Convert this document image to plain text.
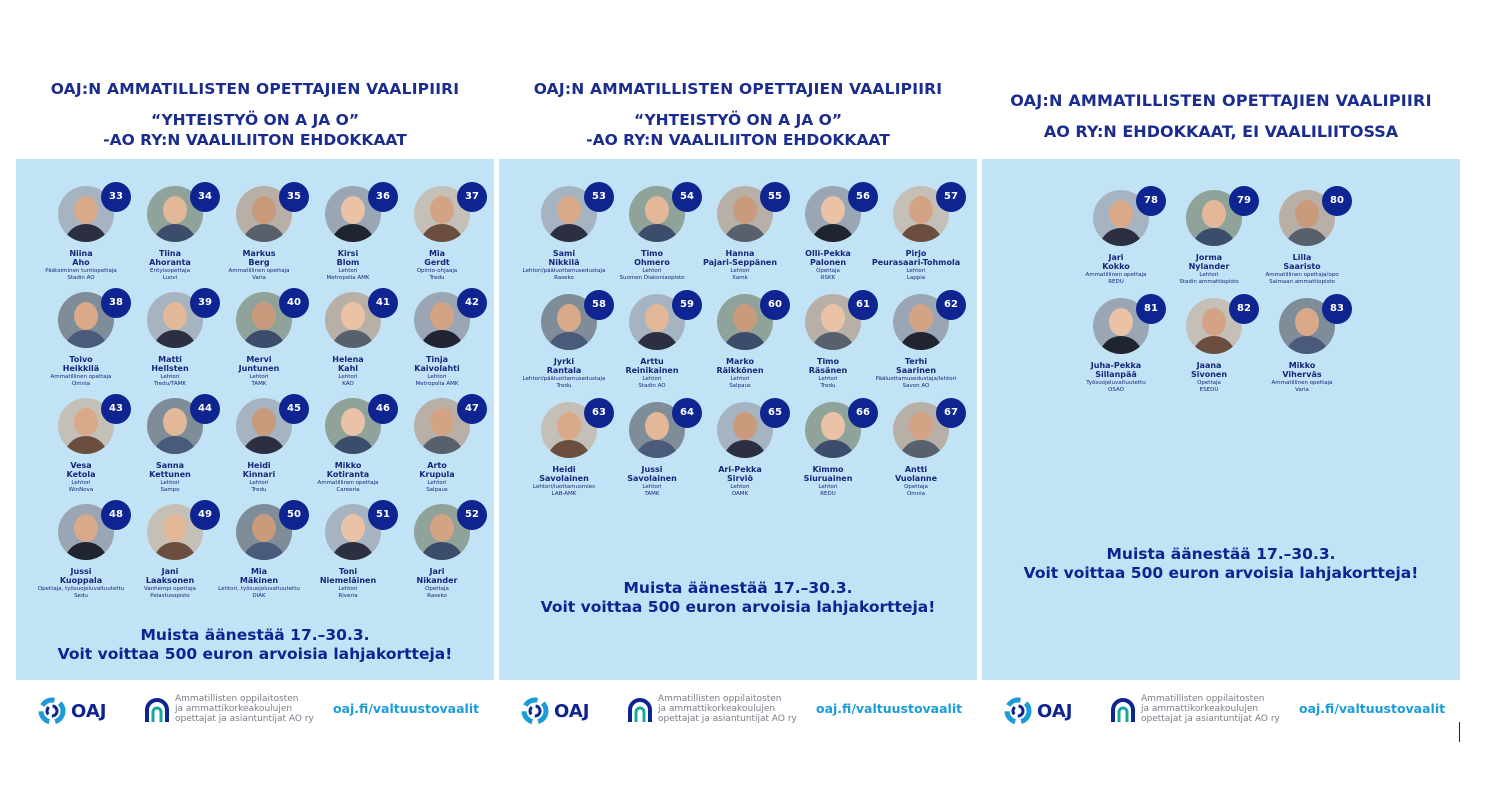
OAJ:N AMMATILLISTEN OPETTAJIEN VAALIPIIRI
“YHTEISTYÖ ON A JA O”
-AO RY:N VAALILIITON EHDOKKAAT
33
Niina
Aho
Päätoiminen tuntiopettaja
Stadin AO
34
Tiina
Ahoranta
Erityisopettaja
Luovi
35
Markus
Berg
Ammatillinen opettaja
Varia
36
Kirsi
Blom
Lehtori
Metropolia AMK
37
Mia
Gerdt
Opinto-ohjaaja
Tredu
38
Toivo
Heikkilä
Ammatillinen opettaja
Omnia
39
Matti
Hellsten
Lehtori
Tredu/TAMK
40
Mervi
Juntunen
Lehtori
TAMK
41
Helena
Kahl
Lehtori
KAO
42
Tinja
Kaivolahti
Lehtori
Metropolia AMK
43
Vesa
Ketola
Lehtori
WinNova
44
Sanna
Kettunen
Lehtori
Sampo
45
Heidi
Kinnari
Lehtori
Tredu
46
Mikko
Kotiranta
Ammatillinen opettaja
Careeria
47
Arto
Krupula
Lehtori
Salpaus
48
Jussi
Kuoppala
Opettaja, työsuojeluvaltuutettu
Sedu
49
Jani
Laaksonen
Vanhempi opettaja
Pelastusopisto
50
Mia
Mäkinen
Lehtori, työsuojeluvaltuutettu
DIAK
51
Toni
Niemeläinen
Lehtori
Riveria
52
Jari
Nikander
Opettaja
Raseko
Muista äänestää 17.–30.3.
Voit voittaa 500 euron arvoisia lahjakortteja!
OAJ
Ammatillisten oppilaitosten
ja ammattikorkeakoulujen
opettajat ja asiantuntijat AO ry
oaj.fi/valtuustovaalit
OAJ:N AMMATILLISTEN OPETTAJIEN VAALIPIIRI
“YHTEISTYÖ ON A JA O”
-AO RY:N VAALILIITON EHDOKKAAT
53
Sami
Nikkilä
Lehtori/pääluottamusedustaja
Raseko
54
Timo
Ohmero
Lehtori
Suomen Diakoniaopisto
55
Hanna
Pajari-Seppänen
Lehtori
Xamk
56
Olli-Pekka
Palonen
Opettaja
RSKK
57
Pirjo
Peurasaari-Tohmola
Lehtori
Lappia
58
Jyrki
Rantala
Lehtori/pääluottamusedustaja
Tredu
59
Arttu
Reinikainen
Lehtori
Stadin AO
60
Marko
Räikkönen
Lehtori
Salpaus
61
Timo
Räsänen
Lehtori
Tredu
62
Terhi
Saarinen
Pääluottamusedustaja/lehtori
Savon AO
63
Heidi
Savolainen
Lehtori/luottamusmies
LAB-AMK
64
Jussi
Savolainen
Lehtori
TAMK
65
Ari-Pekka
Sirviö
Lehtori
OAMK
66
Kimmo
Siuruainen
Lehtori
REDU
67
Antti
Vuolanne
Opettaja
Omnia
Muista äänestää 17.–30.3.
Voit voittaa 500 euron arvoisia lahjakortteja!
OAJ
Ammatillisten oppilaitosten
ja ammattikorkeakoulujen
opettajat ja asiantuntijat AO ry
oaj.fi/valtuustovaalit
OAJ:N AMMATILLISTEN OPETTAJIEN VAALIPIIRI
AO RY:N EHDOKKAAT, EI VAALILIITOSSA
78
Jari
Kokko
Ammatillinen opettaja
REDU
79
Jorma
Nylander
Lehtori
Stadin ammattiopisto
80
Lilla
Saaristo
Ammatillinen opettaja/opo
Saimaan ammattiopisto
81
Juha-Pekka
Sillanpää
Työsuojeluvaltuutettu
OSAO
82
Jaana
Sivonen
Opettaja
ESEDU
83
Mikko
Viherväs
Ammatillinen opettaja
Varia
Muista äänestää 17.–30.3.
Voit voittaa 500 euron arvoisia lahjakortteja!
OAJ
Ammatillisten oppilaitosten
ja ammattikorkeakoulujen
opettajat ja asiantuntijat AO ry
oaj.fi/valtuustovaalit
